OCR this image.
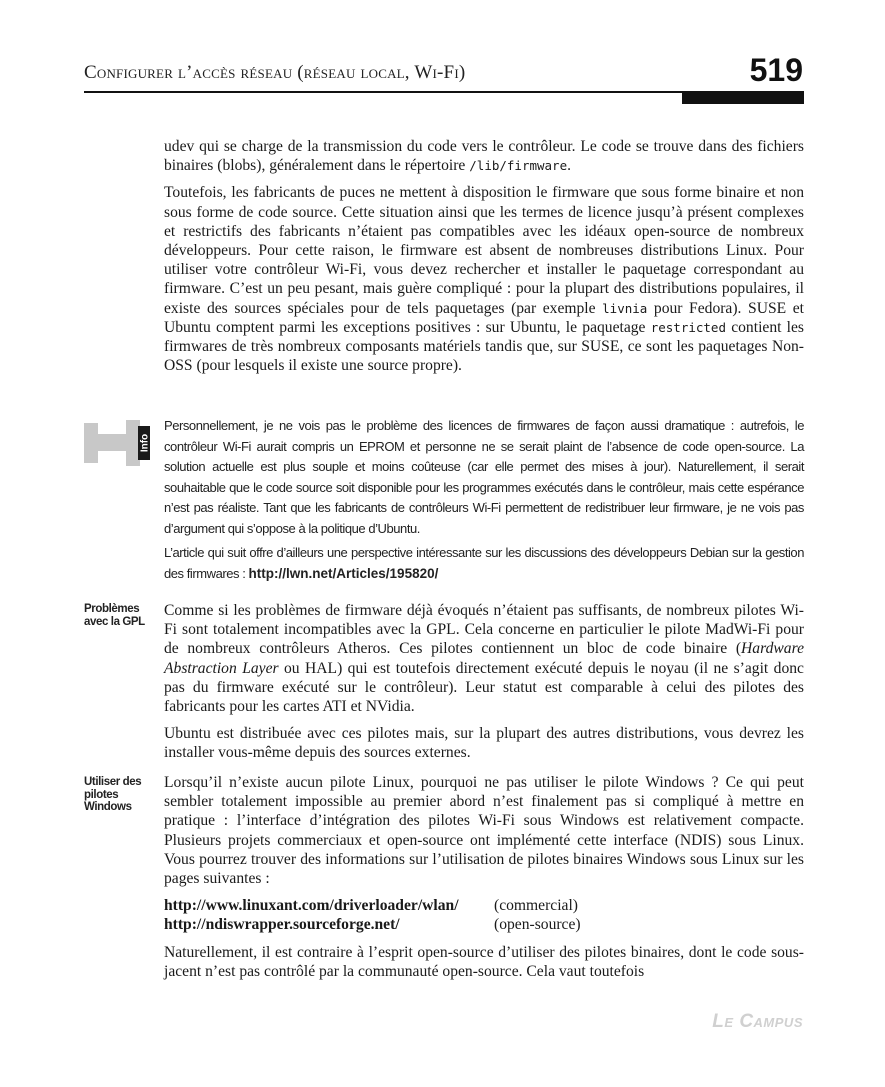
Configurer l’accès réseau (réseau local, Wi-Fi)	519

udev qui se charge de la transmission du code vers le contrôleur. Le code se trouve dans des fichiers binaires (blobs), généralement dans le répertoire /lib/firmware.

Toutefois, les fabricants de puces ne mettent à disposition le firmware que sous forme binaire et non sous forme de code source. Cette situation ainsi que les termes de licence jusqu’à présent complexes et restrictifs des fabricants n’étaient pas compatibles avec les idéaux open-source de nombreux développeurs. Pour cette raison, le firmware est absent de nombreuses distributions Linux. Pour utiliser votre contrôleur Wi-Fi, vous devez rechercher et installer le paquetage correspondant au firmware. C’est un peu pesant, mais guère compliqué : pour la plupart des distributions populaires, il existe des sources spéciales pour de tels paquetages (par exemple livnia pour Fedora). SUSE et Ubuntu comptent parmi les exceptions positives : sur Ubuntu, le paquetage restricted contient les firmwares de très nombreux composants matériels tandis que, sur SUSE, ce sont les paquetages Non-OSS (pour lesquels il existe une source propre).

Info

Personnellement, je ne vois pas le problème des licences de firmwares de façon aussi dramatique : autrefois, le contrôleur Wi-Fi aurait compris un EPROM et personne ne se serait plaint de l’absence de code open-source. La solution actuelle est plus souple et moins coûteuse (car elle permet des mises à jour). Naturellement, il serait souhaitable que le code source soit disponible pour les programmes exécutés dans le contrôleur, mais cette espérance n’est pas réaliste. Tant que les fabricants de contrôleurs Wi-Fi permettent de redistribuer leur firmware, je ne vois pas d’argument qui s’oppose à la politique d’Ubuntu.

L’article qui suit offre d’ailleurs une perspective intéressante sur les discussions des développeurs Debian sur la gestion des firmwares : http://lwn.net/Articles/195820/

Problèmes avec la GPL

Comme si les problèmes de firmware déjà évoqués n’étaient pas suffisants, de nombreux pilotes Wi-Fi sont totalement incompatibles avec la GPL. Cela concerne en particulier le pilote MadWi-Fi pour de nombreux contrôleurs Atheros. Ces pilotes contiennent un bloc de code binaire (Hardware Abstraction Layer ou HAL) qui est toutefois directement exécuté depuis le noyau (il ne s’agit donc pas du firmware exécuté sur le contrôleur). Leur statut est comparable à celui des pilotes des fabricants pour les cartes ATI et NVidia.

Ubuntu est distribuée avec ces pilotes mais, sur la plupart des autres distributions, vous devrez les installer vous-même depuis des sources externes.

Utiliser des pilotes Windows

Lorsqu’il n’existe aucun pilote Linux, pourquoi ne pas utiliser le pilote Windows ? Ce qui peut sembler totalement impossible au premier abord n’est finalement pas si compliqué à mettre en pratique : l’interface d’intégration des pilotes Wi-Fi sous Windows est relativement compacte. Plusieurs projets commerciaux et open-source ont implémenté cette interface (NDIS) sous Linux. Vous pourrez trouver des informations sur l’utilisation de pilotes binaires Windows sous Linux sur les pages suivantes :

http://www.linuxant.com/driverloader/wlan/	(commercial)
http://ndiswrapper.sourceforge.net/	(open-source)

Naturellement, il est contraire à l’esprit open-source d’utiliser des pilotes binaires, dont le code sous-jacent n’est pas contrôlé par la communauté open-source. Cela vaut toutefois

Le Campus
